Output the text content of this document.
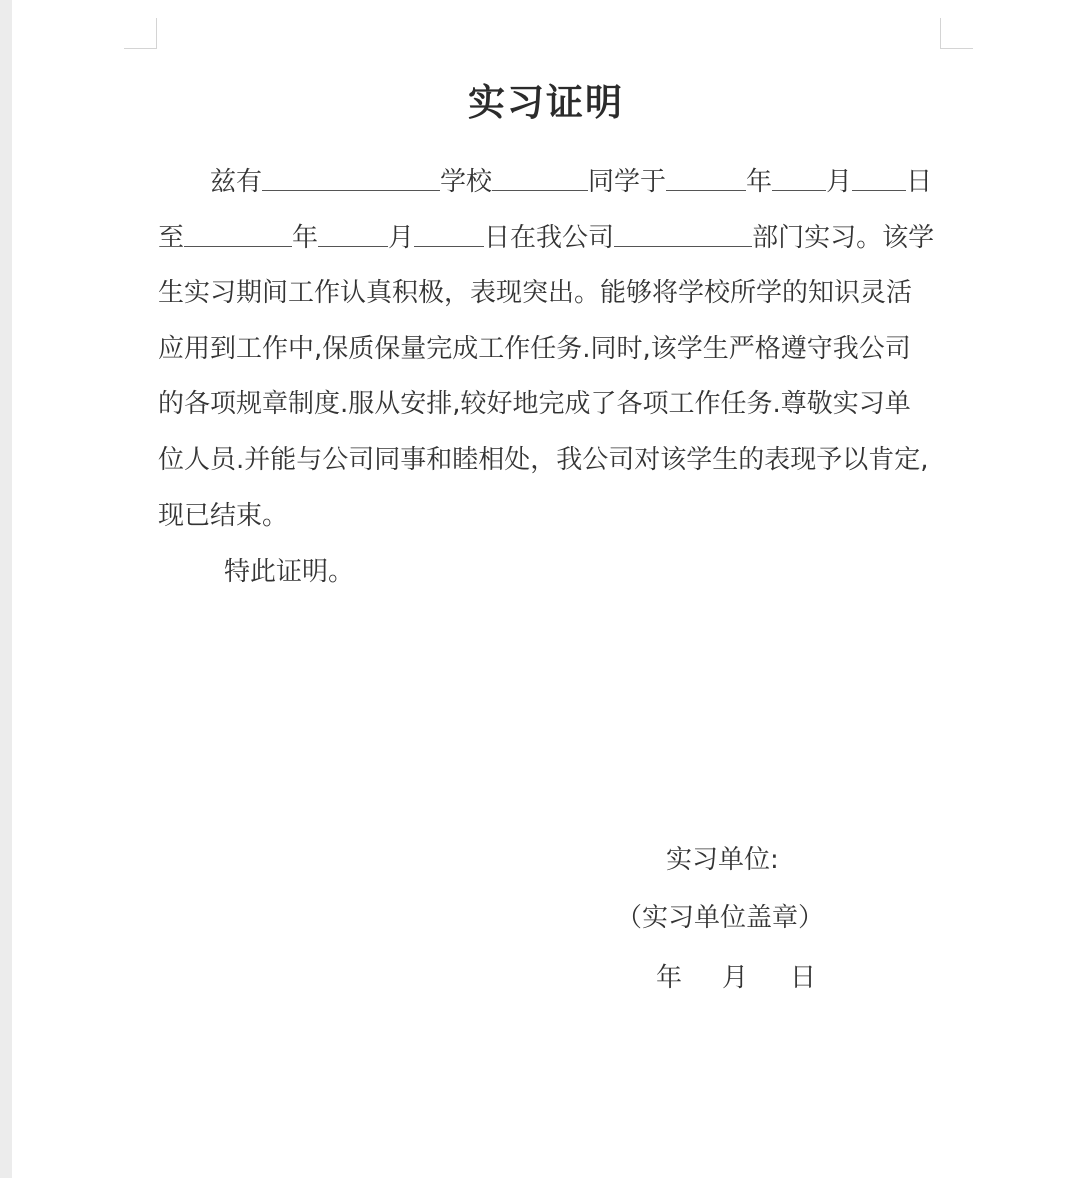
实习证明
兹有	学校	同学于	年 月 日
至	年	月	日在我公司	部门实习。该学
生实习期间工作认真积极，表现突出。能够将学校所学的知识灵活
应用到工作中,保质保量完成工作任务.同时,该学生严格遵守我公司
的各项规章制度.服从安排,较好地完成了各项工作任务.尊敬实习单
位人员.并能与公司同事和睦相处，我公司对该学生的表现予以肯定,
现已结束。
特此证明。
实习单位:
（实习单位盖章）
年 月 日
